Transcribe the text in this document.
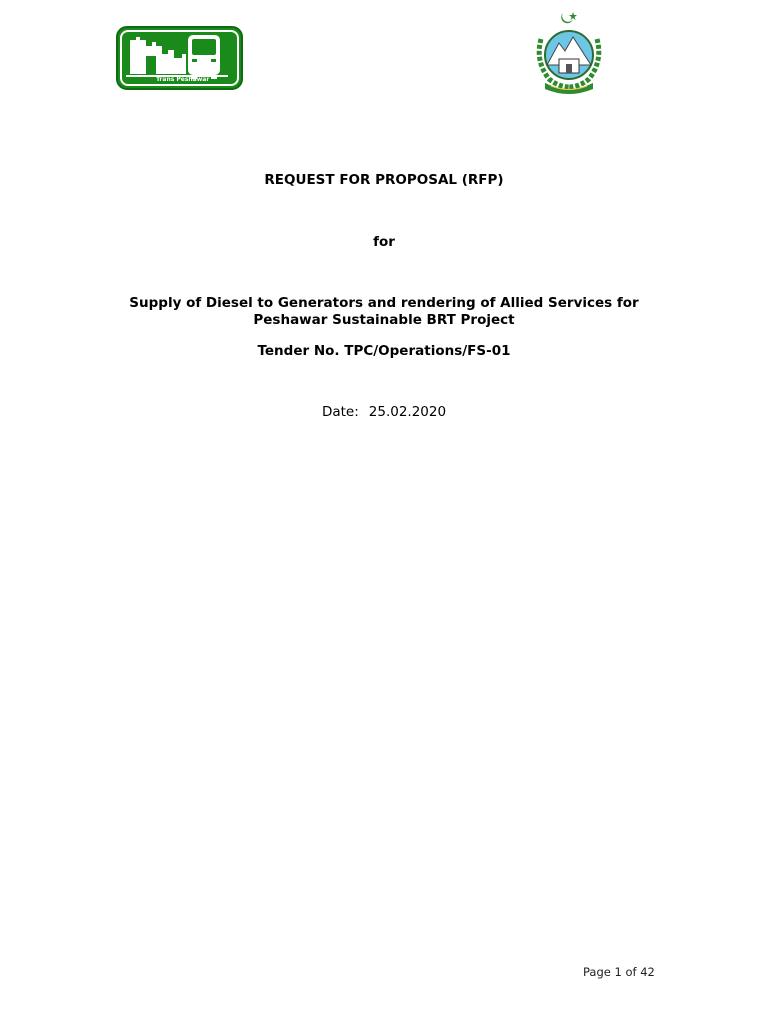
Trans Peshawar
REQUEST FOR PROPOSAL (RFP)
for
Supply of Diesel to Generators and rendering of Allied Services for
Peshawar Sustainable BRT Project
Tender No. TPC/Operations/FS-01
Date: 25.02.2020
Page 1 of 42
